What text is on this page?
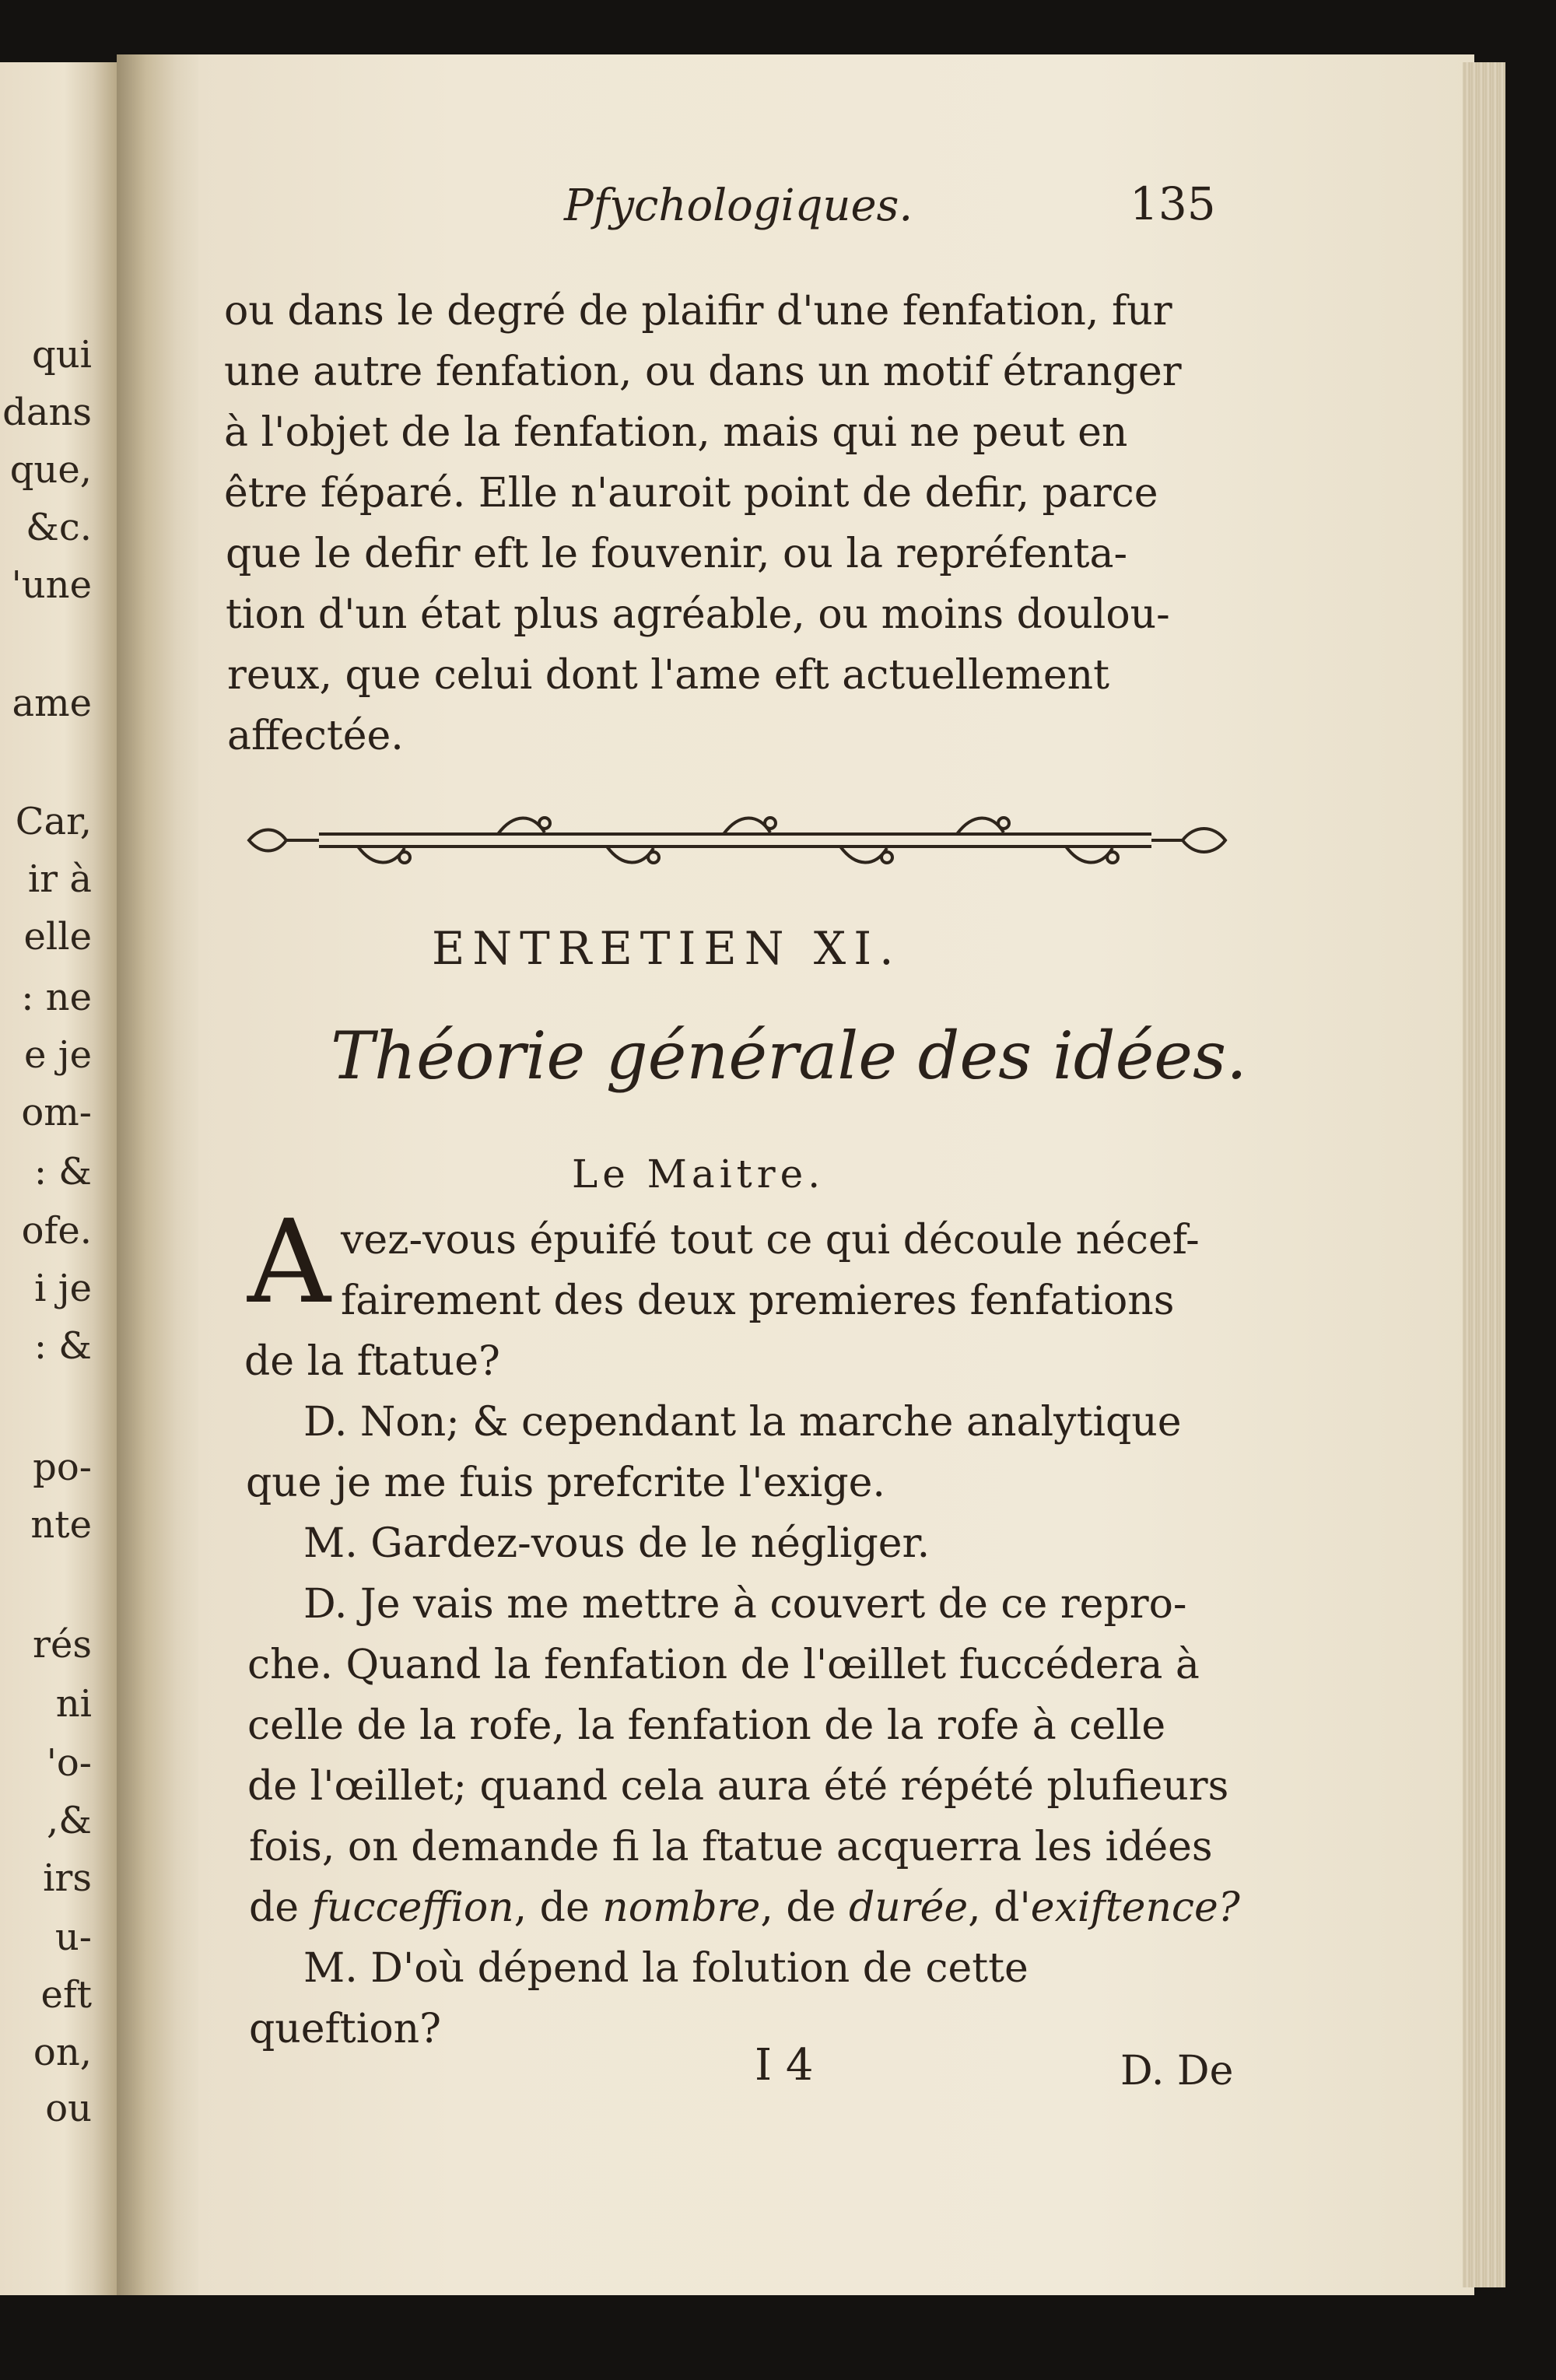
qui
dans
que,
&c.
'une
ame
Car,
ir à
elle
: ne
e je
om-
: &
ofe.
i je
: &
po-
nte
rés
ni
'o-
,&
irs
u-
eft
on,
ou
Pfychologiques.	135
ou dans le degré de plaifir d'une fenfation, fur
une autre fenfation, ou dans un motif étranger
à l'objet de la fenfation, mais qui ne peut en
être féparé. Elle n'auroit point de defir, parce
que le defir eft le fouvenir, ou la repréfenta-
tion d'un état plus agréable, ou moins doulou-
reux, que celui dont l'ame eft actuellement
affectée.
ENTRETIEN XI.
Théorie générale des idées.
Le Maitre.
A vez-vous épuifé tout ce qui découle nécef-
fairement des deux premieres fenfations
de la ftatue?
D. Non; & cependant la marche analytique
que je me fuis prefcrite l'exige.
M. Gardez-vous de le négliger.
D. Je vais me mettre à couvert de ce repro-
che. Quand la fenfation de l'œillet fuccédera à
celle de la rofe, la fenfation de la rofe à celle
de l'œillet; quand cela aura été répété plufieurs
fois, on demande fi la ftatue acquerra les idées
de fucceffion, de nombre, de durée, d'exiftence?
M. D'où dépend la folution de cette
queftion?
I 4	D. De
